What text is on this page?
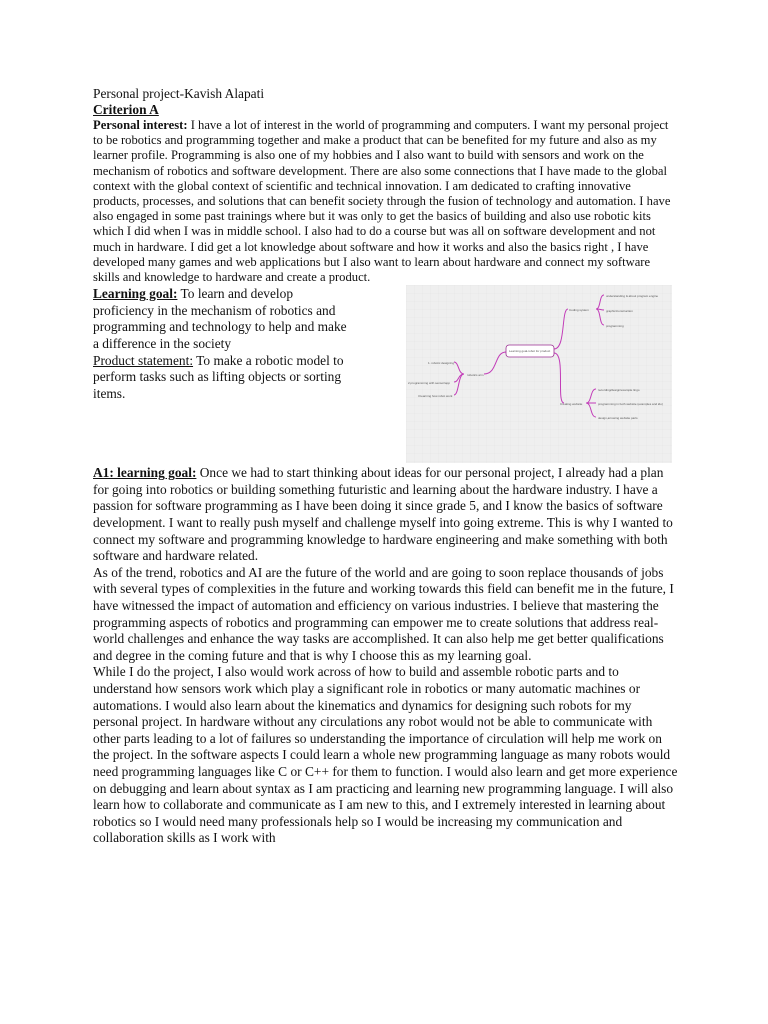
Personal project-Kavish Alapati
Criterion A

Personal interest: I have a lot of interest in the world of programming and computers. I want my personal project to be robotics and programming together and make a product that can be benefited for my future and also as my learner profile. Programming is also one of my hobbies and I also want to build with sensors and work on the mechanism of robotics and software development. There are also some connections that I have made to the global context with the global context of scientific and technical innovation. I am dedicated to crafting innovative products, processes, and solutions that can benefit society through the fusion of technology and automation. I have also engaged in some past trainings where but it was only to get the basics of building and also use robotic kits which I did when I was in middle school. I also had to do a course but was all on software development and not much in hardware. I did get a lot knowledge about software and how it works and also the basics right , I have developed many games and web applications but I also want to learn about hardware and connect my software skills and knowledge to hardware and create a product.

Learning goal: To learn and develop proficiency in the mechanism of robotics and programming and technology to help and make a difference in the society
Product statement: To make a robotic model to perform tasks such as lifting objects or sorting items.
Learning goal-robot for product
robotics arm
1. robotic designing
2.programming with sensor/app
3.learning how robot work
Coding system
understanding & about program engine
graphic/construction
programming
Creating website
recording/design/example lingo
programming in both website (examples and ido)
design,arrowing website parts

A1: learning goal: Once we had to start thinking about ideas for our personal project, I already had a plan for going into robotics or building something futuristic and learning about the hardware industry. I have a passion for software programming as I have been doing it since grade 5, and I know the basics of software development. I want to really push myself and challenge myself into going extreme. This is why I wanted to connect my software and programming knowledge to hardware engineering and make something with both software and hardware related.

As of the trend, robotics and AI are the future of the world and are going to soon replace thousands of jobs with several types of complexities in the future and working towards this field can benefit me in the future, I have witnessed the impact of automation and efficiency on various industries. I believe that mastering the programming aspects of robotics and programming can empower me to create solutions that address real-world challenges and enhance the way tasks are accomplished. It can also help me get better qualifications and degree in the coming future and that is why I choose this as my learning goal.

While I do the project, I also would work across of how to build and assemble robotic parts and to understand how sensors work which play a significant role in robotics or many automatic machines or automations. I would also learn about the kinematics and dynamics for designing such robots for my personal project. In hardware without any circulations any robot would not be able to communicate with other parts leading to a lot of failures so understanding the importance of circulation will help me work on the project. In the software aspects I could learn a whole new programming language as many robots would need programming languages like C or C++ for them to function. I would also learn and get more experience on debugging and learn about syntax as I am practicing and learning new programming language. I will also learn how to collaborate and communicate as I am new to this, and I extremely interested in learning about robotics so I would need many professionals help so I would be increasing my communication and collaboration skills as I work with
